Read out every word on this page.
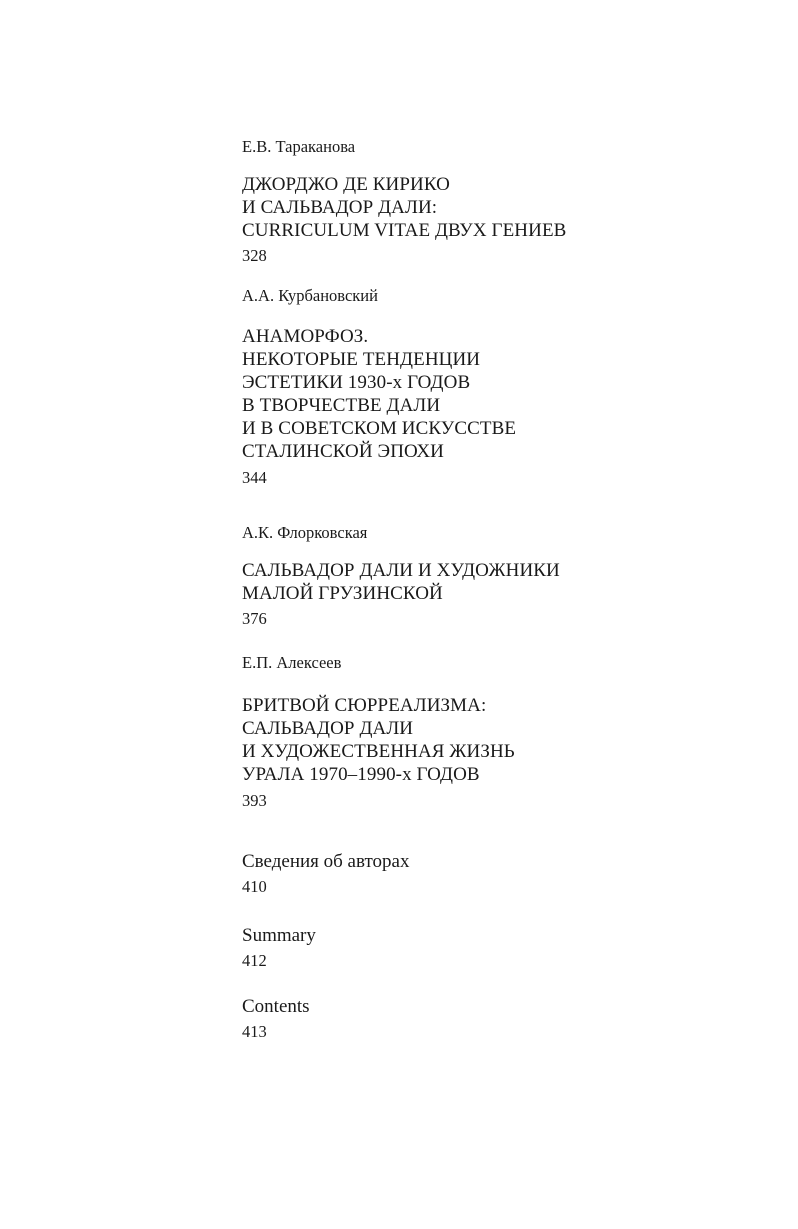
Е.В. Тараканова

ДЖОРДЖО ДЕ КИРИКО
И САЛЬВАДОР ДАЛИ:
CURRICULUM VITAE ДВУХ ГЕНИЕВ

328

А.А. Курбановский

АНАМОРФОЗ.
НЕКОТОРЫЕ ТЕНДЕНЦИИ
ЭСТЕТИКИ 1930-х ГОДОВ
В ТВОРЧЕСТВЕ ДАЛИ
И В СОВЕТСКОМ ИСКУССТВЕ
СТАЛИНСКОЙ ЭПОХИ

344

А.К. Флорковская

САЛЬВАДОР ДАЛИ И ХУДОЖНИКИ
МАЛОЙ ГРУЗИНСКОЙ

376

Е.П. Алексеев

БРИТВОЙ СЮРРЕАЛИЗМА:
САЛЬВАДОР ДАЛИ
И ХУДОЖЕСТВЕННАЯ ЖИЗНЬ
УРАЛА 1970–1990-х ГОДОВ

393

Сведения об авторах

410

Summary

412

Contents

413
